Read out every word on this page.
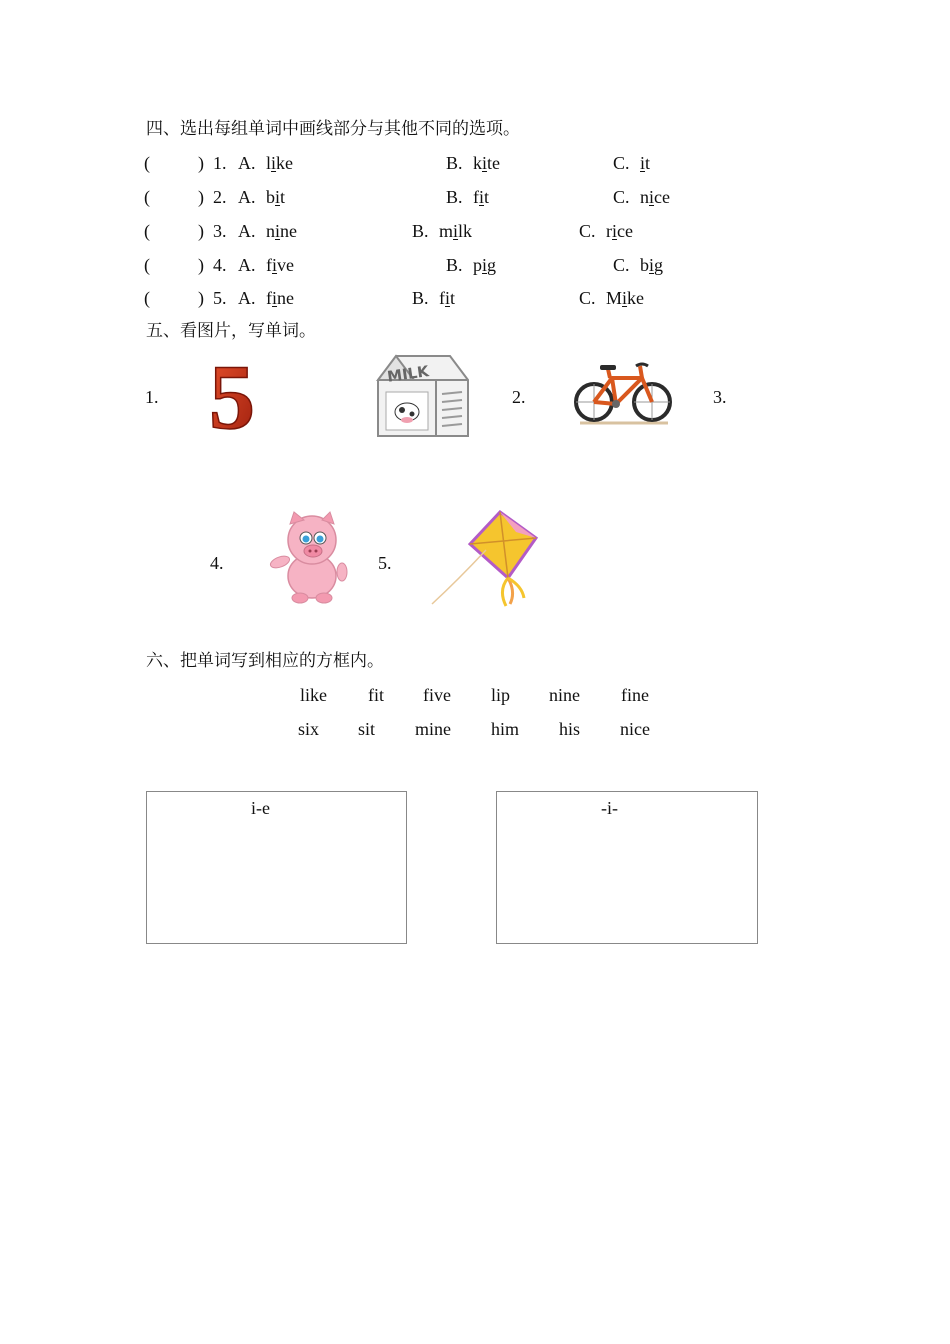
四、选出每组单词中画线部分与其他不同的选项。
(	) 1. A. like	B. kite	C. it
(	) 2. A. bit	B. fit	C. nice
(	) 3. A. nine	B. milk	C. rice
(	) 4. A. five	B. pig	C. big
(	) 5. A. fine	B. fit	C. Mike
五、看图片，写单词。
1.	2.	3.
4.	5.
5	MILK
六、把单词写到相应的方框内。
like fit five lip nine fine
six sit mine him his nice
i-e	-i-
